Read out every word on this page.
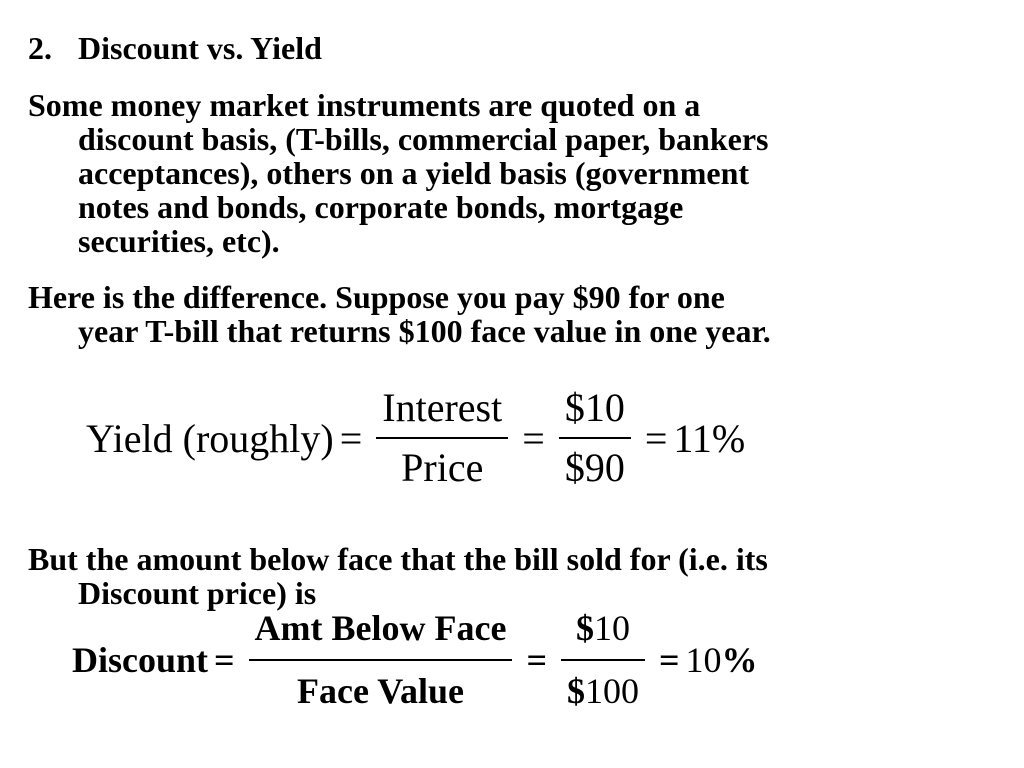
2. Discount vs. Yield
Some money market instruments are quoted on a
discount basis, (T-bills, commercial paper, bankers
acceptances), others on a yield basis (government
notes and bonds, corporate bonds, mortgage
securities, etc).
Here is the difference. Suppose you pay $90 for one
year T-bill that returns $100 face value in one year.
Yield (roughly) = $\frac{\text{Interest}}{\text{Price}} = \frac{\$10}{\$90} = 11\%$
But the amount below face that the bill sold for (i.e. its
Discount price) is
Discount = $\frac{\text{Amt Below Face}}{\text{Face Value}} = \frac{\$10}{\$100} = 10\%$
